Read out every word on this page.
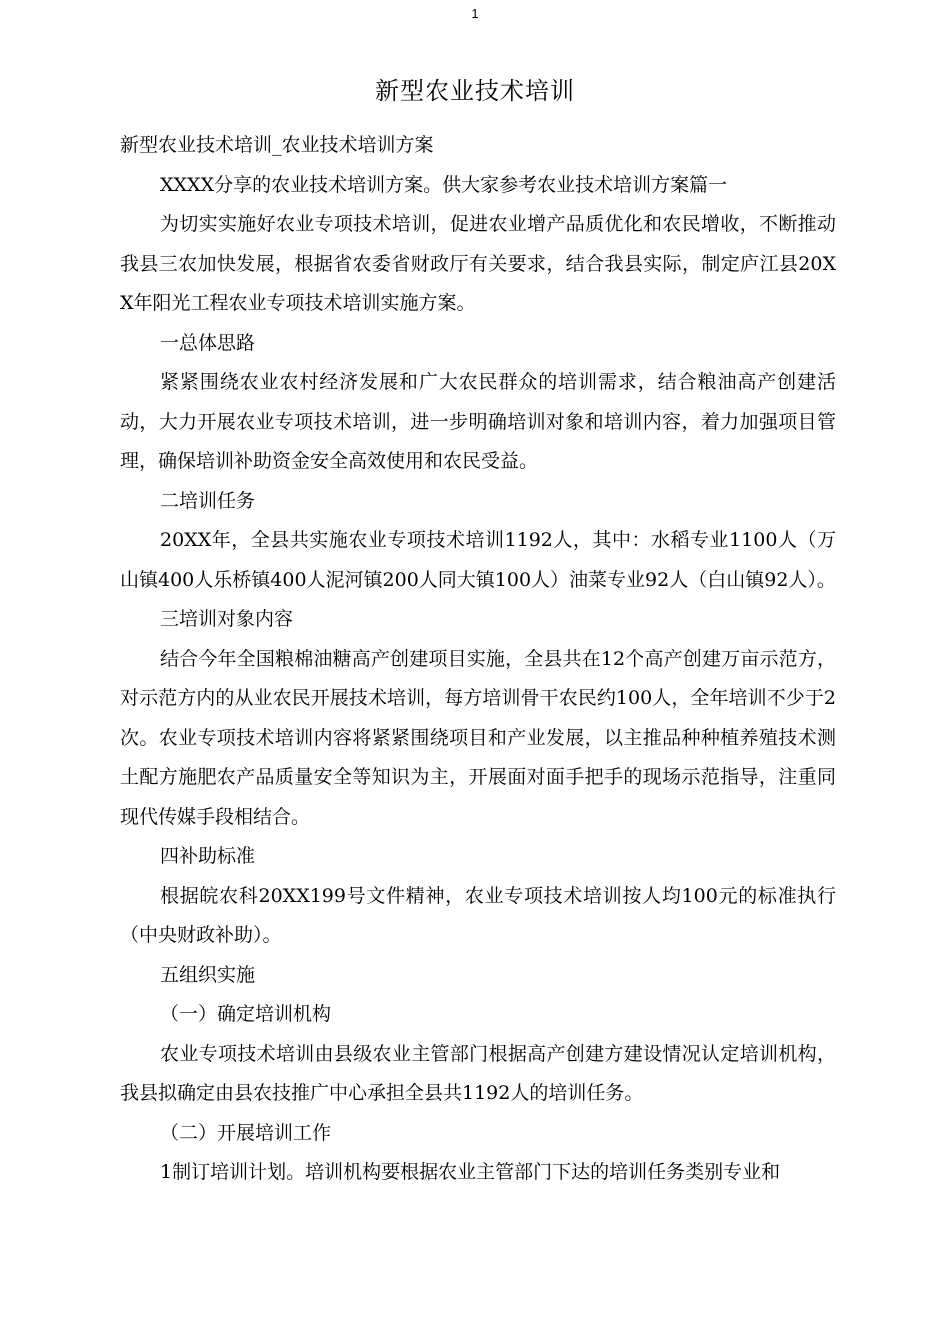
1
新型农业技术培训

新型农业技术培训_农业技术培训方案

XXXX分享的农业技术培训方案。供大家参考农业技术培训方案篇一

为切实实施好农业专项技术培训，促进农业增产品质优化和农民增收，不断推动我县三农加快发展，根据省农委省财政厅有关要求，结合我县实际，制定庐江县20XX年阳光工程农业专项技术培训实施方案。

一总体思路

紧紧围绕农业农村经济发展和广大农民群众的培训需求，结合粮油高产创建活动，大力开展农业专项技术培训，进一步明确培训对象和培训内容，着力加强项目管理，确保培训补助资金安全高效使用和农民受益。

二培训任务

20XX年，全县共实施农业专项技术培训1192人，其中：水稻专业1100人（万山镇400人乐桥镇400人泥河镇200人同大镇100人）油菜专业92人（白山镇92人）。

三培训对象内容

结合今年全国粮棉油糖高产创建项目实施，全县共在12个高产创建万亩示范方，对示范方内的从业农民开展技术培训，每方培训骨干农民约100人，全年培训不少于2次。农业专项技术培训内容将紧紧围绕项目和产业发展，以主推品种种植养殖技术测土配方施肥农产品质量安全等知识为主，开展面对面手把手的现场示范指导，注重同现代传媒手段相结合。

四补助标准

根据皖农科20XX199号文件精神，农业专项技术培训按人均100元的标准执行（中央财政补助）。

五组织实施

（一）确定培训机构

农业专项技术培训由县级农业主管部门根据高产创建方建设情况认定培训机构，我县拟确定由县农技推广中心承担全县共1192人的培训任务。

（二）开展培训工作

1制订培训计划。培训机构要根据农业主管部门下达的培训任务类别专业和
